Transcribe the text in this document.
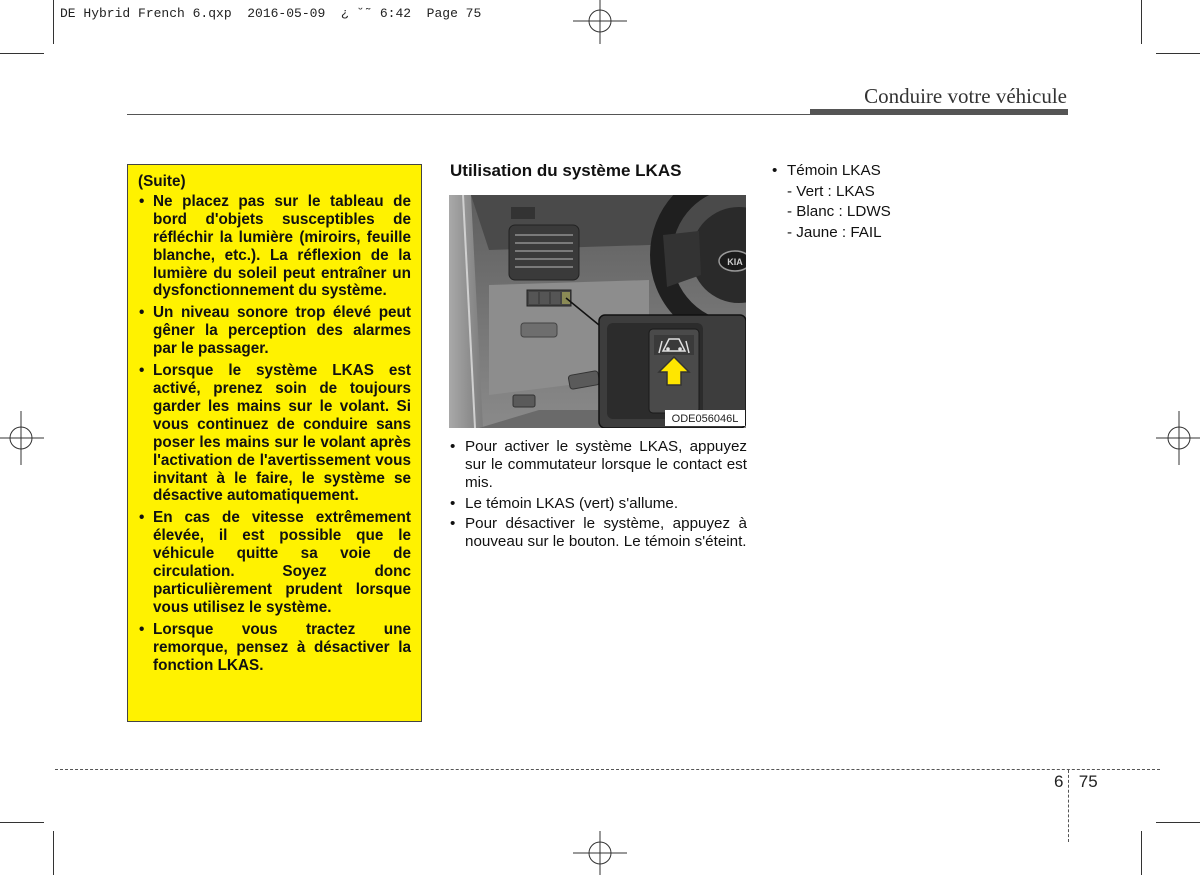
DE Hybrid French 6.qxp  2016-05-09  ¿ ˘˜ 6:42  Page 75
Conduire votre véhicule
(Suite)
• Ne placez pas sur le tableau de bord d'objets susceptibles de réfléchir la lumière (miroirs, feuille blanche, etc.). La réflexion de la lumière du soleil peut entraîner un dysfonctionnement du système.
• Un niveau sonore trop élevé peut gêner la perception des alarmes par le passager.
• Lorsque le système LKAS est activé, prenez soin de toujours garder les mains sur le volant. Si vous continuez de conduire sans poser les mains sur le volant après l'activation de l'avertissement vous invitant à le faire, le système se désactive automatiquement.
• En cas de vitesse extrêmement élevée, il est possible que le véhicule quitte sa voie de circulation. Soyez donc particulièrement prudent lorsque vous utilisez le système.
• Lorsque vous tractez une remorque, pensez à désactiver la fonction LKAS.
Utilisation du système LKAS
KIA
ODE056046L
• Pour activer le système LKAS, appuyez sur le commutateur lorsque le contact est mis.
• Le témoin LKAS (vert) s'allume.
• Pour désactiver le système, appuyez à nouveau sur le bouton. Le témoin s'éteint.
• Témoin LKAS
- Vert : LKAS
- Blanc : LDWS
- Jaune : FAIL
6 75
